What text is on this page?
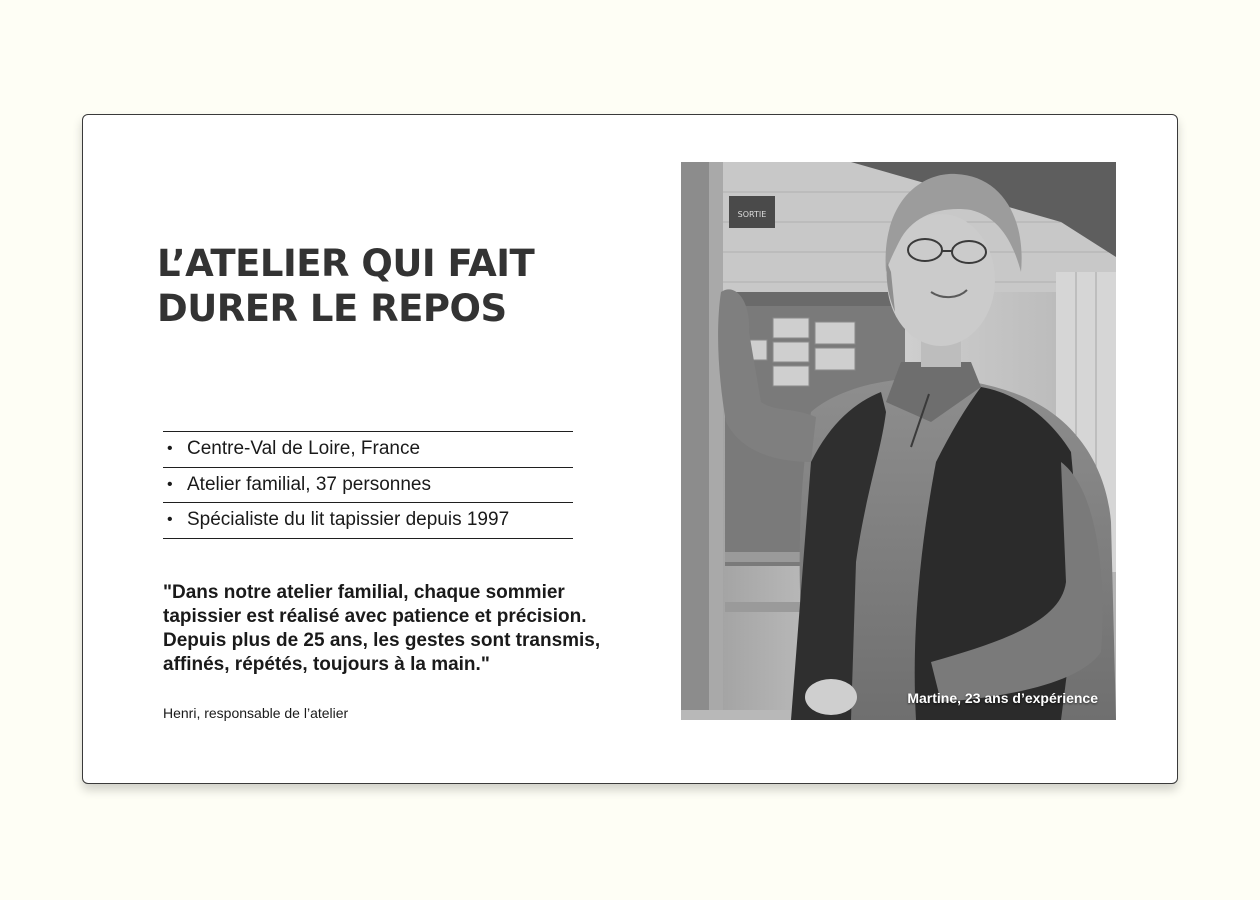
L’ATELIER QUI FAIT
DURER LE REPOS
• Centre-Val de Loire, France
• Atelier familial, 37 personnes
• Spécialiste du lit tapissier depuis 1997

"Dans notre atelier familial, chaque sommier tapissier est réalisé avec patience et précision. Depuis plus de 25 ans, les gestes sont transmis, affinés, répétés, toujours à la main."

Henri, responsable de l’atelier

SORTIE
Martine, 23 ans d’expérience
